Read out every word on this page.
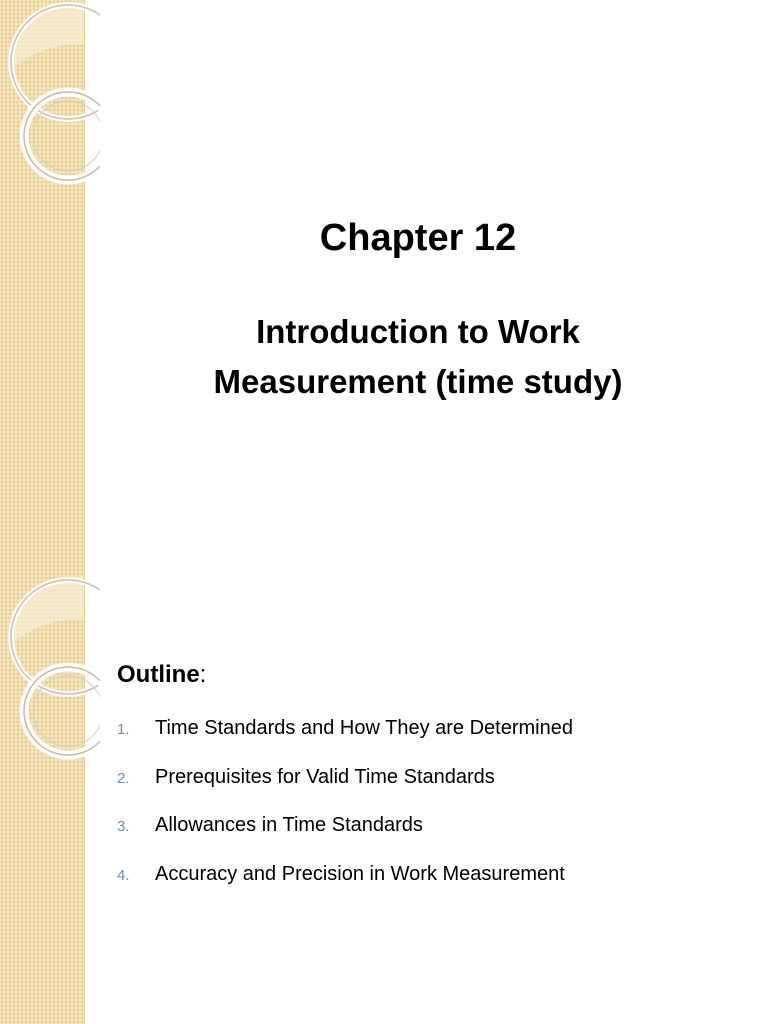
Chapter 12
Introduction to Work
Measurement (time study)
Outline:
1.	Time Standards and How They are Determined
2.	Prerequisites for Valid Time Standards
3.	Allowances in Time Standards
4.	Accuracy and Precision in Work Measurement
